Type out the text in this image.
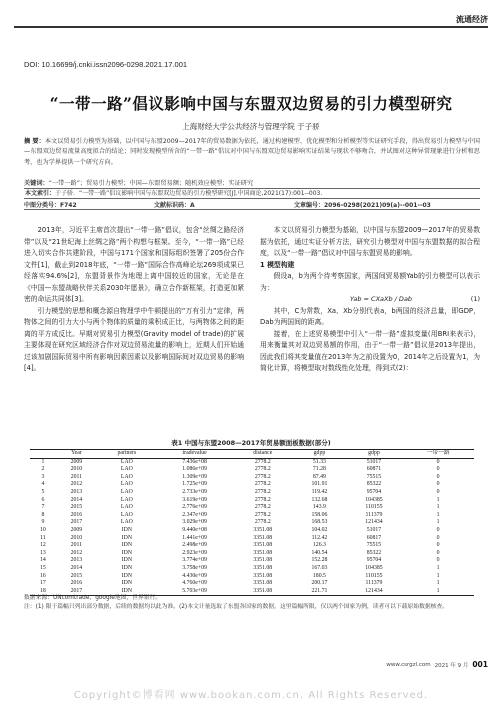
流通经济
DOI: 10.16699/j.cnki.issn2096-0298.2021.17.001
“一带一路”倡议影响中国与东盟双边贸易的引力模型研究
上海财经大学公共经济与管理学院 于子骄
摘 要：本文以贸易引力模型为基础，以中国与东盟2009—2017年的贸易数据为依托，通过构建模型、优化模型和分析模型等实证研究手段，得出贸易引力模型与中国—东盟双边贸易流量高度拟合的结论；同时发现模型所含的“一带一路”倡议对中国与东盟双边贸易影响实证结果与现状不够吻合，并试图对这种异常现象进行分析和思考，也为学界提供一个研究方向。
关键词：“一带一路”；贸易引力模型；中国—东盟贸易额；随机效应模型；实证研究
本文索引：于子骄．“一带一路”倡议影响中国与东盟双边贸易的引力模型研究[J].中国商论,2021(17):001--003.
中图分类号：F742	文献标识码：A	文章编号：2096-0298(2021)09(a)--001--03

2013年，习近平主席首次提出“一带一路”倡议，包含“丝绸之路经济带”以及“21世纪海上丝绸之路”两个构想与框架。至今，“一带一路”已经进入切实合作共建阶段，中国与171个国家和国际组织签署了205份合作文件[1]，截止到2018年底，“一带一路”国际合作高峰论坛269项成果已经落实94.6%[2]，东盟背景作为地理上离中国较近的国家，无论是在《中国—东盟战略伙伴关系2030年愿景》，确立合作新框架，打造更加紧密的命运共同体[3]。

引力模型的思想和概念源自物理学中牛顿提出的“万有引力”定律，两物体之间的引力大小与两个物体的质量的乘积成正比，与两物体之间的距离的平方成反比。早期对贸易引力模型(Gravity model of trade)的扩展主要体现在研究区域经济合作对双边贸易流量的影响上，近期人们开始通过该加剧国际贸易中所有影响因素因素以及影响国际间对双边贸易的影响[4]。

本文以贸易引力模型为基础，以中国与东盟2009—2017年的贸易数据为依托，通过实证分析方法，研究引力模型对中国与东盟数据的拟合程度，以及“一带一路”倡议对中国与东盟贸易的影响。

1 模型构建

假设a，b为两个待考察国家，两国间贸易额Yab的引力模型可以表示为：

Yab = CXaXb / Dab	(1)

其中，C为常数，Xa、Xb分别代表a，b两国的经济总量，即GDP，Dab为两国间的距离。

接着，在上述贸易模型中引入“一带一路”虚拟变量(用BRI来表示)，用来衡量其对双边贸易额的作用，由于“一带一路”倡议是2013年提出，因此我们将其变量值在2013年为之前设置为0，2014年之后设置为1，为简化计算，将模型取对数线性化处理，得到式(2)：

表1 中国与东盟2008—2017年贸易额面板数据(部分)
	Year	partners	tradevalue	distance	gdpp	gdpp	一带一路
1	2009	LAO	7.436e+08	2778.2	51.33	51017	0
2	2010	LAO	1.086e+09	2778.2	71.28	60871	0
3	2011	LAO	1.309e+09	2778.2	87.49	75515	0
4	2012	LAO	1.725e+09	2778.2	101.91	85322	0
5	2013	LAO	2.733e+09	2778.2	119.42	95704	0
6	2014	LAO	3.619e+09	2778.2	132.68	104385	1
7	2015	LAO	2.776e+09	2778.2	143.9	110155	1
8	2016	LAO	2.347e+09	2778.2	158.06	111379	1
9	2017	LAO	3.029e+09	2778.2	168.53	121434	1
10	2009	IDN	9.440e+08	3351.08	104.02	51017	0
11	2010	IDN	1.441e+09	3351.08	112.42	60817	0
12	2011	IDN	2.498e+09	3351.08	126.3	75515	0
13	2012	IDN	2.923e+09	3351.08	140.54	85322	0
14	2013	IDN	3.774e+09	3351.08	152.28	95704	0
15	2014	IDN	3.758e+09	3351.08	167.03	104385	1
16	2015	IDN	4.430e+09	3351.08	180.5	110155	1
17	2016	IDN	4.760e+09	3351.08	200.17	111379	1
18	2017	IDN	5.703e+09	3351.08	221.71	121434	1
数据来源：UNcomtrade，google地图，世界银行。
注：(1) 限于篇幅只列出部分数据，后续的数据均以此为准。(2)本文计量选取了东盟各国家的数据，这里篇幅所限，仅以两个国家为例，读者可以下载原始数据核查。
www.csrgzl.com 2021 年 9 月 001
Copyright©博看网 www.bookan.com.cn. All Rights Reserved.
